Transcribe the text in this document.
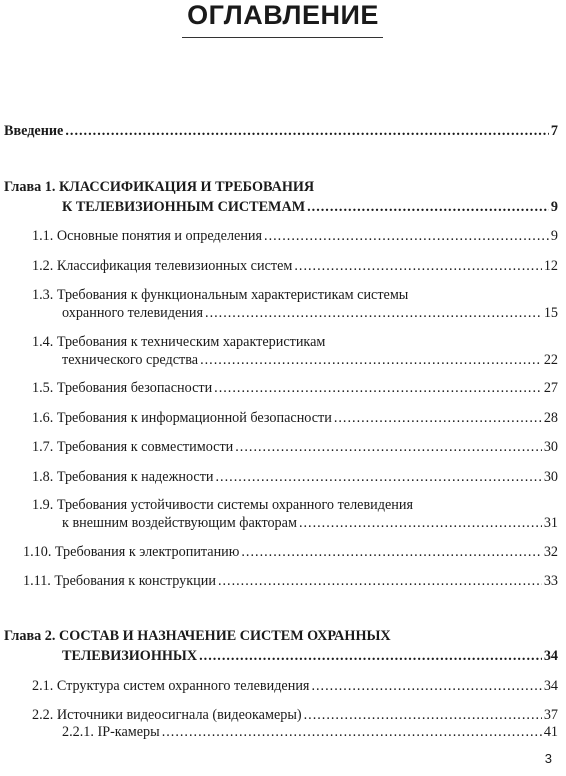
ОГЛАВЛЕНИЕ
Введение .....	7
Глава 1. КЛАССИФИКАЦИЯ И ТРЕБОВАНИЯ
К ТЕЛЕВИЗИОННЫМ СИСТЕМАМ .....	9
1.1. Основные понятия и определения .....	9
1.2. Классификация телевизионных систем .....	12
1.3. Требования к функциональным характеристикам системы
охранного телевидения .....	15
1.4. Требования к техническим характеристикам
технического средства .....	22
1.5. Требования безопасности .....	27
1.6. Требования к информационной безопасности .....	28
1.7. Требования к совместимости .....	30
1.8. Требования к надежности .....	30
1.9. Требования устойчивости системы охранного телевидения
к внешним воздействующим факторам .....	31
1.10. Требования к электропитанию .....	32
1.11. Требования к конструкции .....	33
Глава 2. СОСТАВ И НАЗНАЧЕНИЕ СИСТЕМ ОХРАННЫХ
ТЕЛЕВИЗИОННЫХ .....	34
2.1. Структура систем охранного телевидения .....	34
2.2. Источники видеосигнала (видеокамеры) .....	37
2.2.1. IP-камеры .....	41
3
